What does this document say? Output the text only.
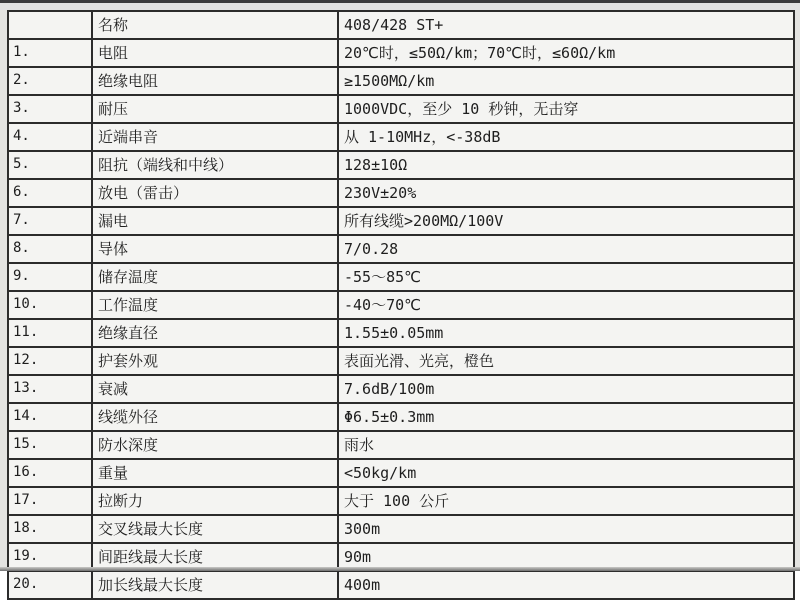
	名称	408/428 ST+
1.	电阻	20℃时，≤50Ω/km；70℃时，≤60Ω/km
2.	绝缘电阻	≥1500MΩ/km
3.	耐压	1000VDC，至少 10 秒钟，无击穿
4.	近端串音	从 1-10MHz，<-38dB
5.	阻抗（端线和中线）	128±10Ω
6.	放电（雷击）	230V±20%
7.	漏电	所有线缆>200MΩ/100V
8.	导体	7/0.28
9.	储存温度	-55～85℃
10.	工作温度	-40～70℃
11.	绝缘直径	1.55±0.05mm
12.	护套外观	表面光滑、光亮，橙色
13.	衰减	7.6dB/100m
14.	线缆外径	Φ6.5±0.3mm
15.	防水深度	雨水
16.	重量	<50kg/km
17.	拉断力	大于 100 公斤
18.	交叉线最大长度	300m
19.	间距线最大长度	90m
20.	加长线最大长度	400m
